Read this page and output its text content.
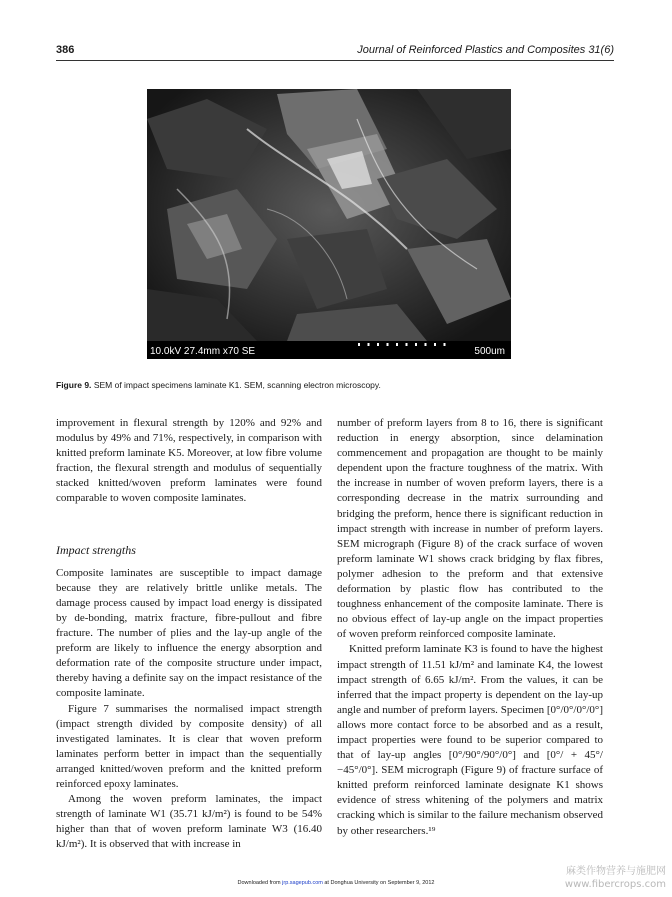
386	Journal of Reinforced Plastics and Composites 31(6)
10.0kV 27.4mm x70 SE	500um
Figure 9. SEM of impact specimens laminate K1. SEM, scanning electron microscopy.

improvement in flexural strength by 120% and 92% and modulus by 49% and 71%, respectively, in comparison with knitted preform laminate K5. Moreover, at low fibre volume fraction, the flexural strength and modulus of sequentially stacked knitted/woven preform laminates were found comparable to woven composite laminates.

Impact strengths

Composite laminates are susceptible to impact damage because they are relatively brittle unlike metals. The damage process caused by impact load energy is dissipated by de-bonding, matrix fracture, fibre-pullout and fibre fracture. The number of plies and the lay-up angle of the preform are likely to influence the energy absorption and deformation rate of the composite structure under impact, thereby having a definite say on the impact resistance of the composite laminate.

Figure 7 summarises the normalised impact strength (impact strength divided by composite density) of all investigated laminates. It is clear that woven preform laminates perform better in impact than the sequentially arranged knitted/woven preform and the knitted preform reinforced epoxy laminates.

Among the woven preform laminates, the impact strength of laminate W1 (35.71 kJ/m²) is found to be 54% higher than that of woven preform laminate W3 (16.40 kJ/m²). It is observed that with increase in

number of preform layers from 8 to 16, there is significant reduction in energy absorption, since delamination commencement and propagation are thought to be mainly dependent upon the fracture toughness of the matrix. With the increase in number of woven preform layers, there is a corresponding decrease in the matrix surrounding and bridging the preform, hence there is significant reduction in impact strength with increase in number of preform layers. SEM micrograph (Figure 8) of the crack surface of woven preform laminate W1 shows crack bridging by flax fibres, polymer adhesion to the preform and that extensive deformation by plastic flow has contributed to the toughness enhancement of the composite laminate. There is no obvious effect of lay-up angle on the impact properties of woven preform reinforced composite laminate.

Knitted preform laminate K3 is found to have the highest impact strength of 11.51 kJ/m² and laminate K4, the lowest impact strength of 6.65 kJ/m². From the values, it can be inferred that the impact property is dependent on the lay-up angle and number of preform layers. Specimen [0°/0°/0°/0°] allows more contact force to be absorbed and as a result, impact properties were found to be superior compared to that of lay-up angles [0°/90°/90°/0°] and [0°/ + 45°/ −45°/0°]. SEM micrograph (Figure 9) of fracture surface of knitted preform reinforced laminate designate K1 shows evidence of stress whitening of the polymers and matrix cracking which is similar to the failure mechanism observed by other researchers.¹⁹

Downloaded from jrp.sagepub.com at Donghua University on September 9, 2012
麻类作物营养与施肥网
www.fibercrops.com
